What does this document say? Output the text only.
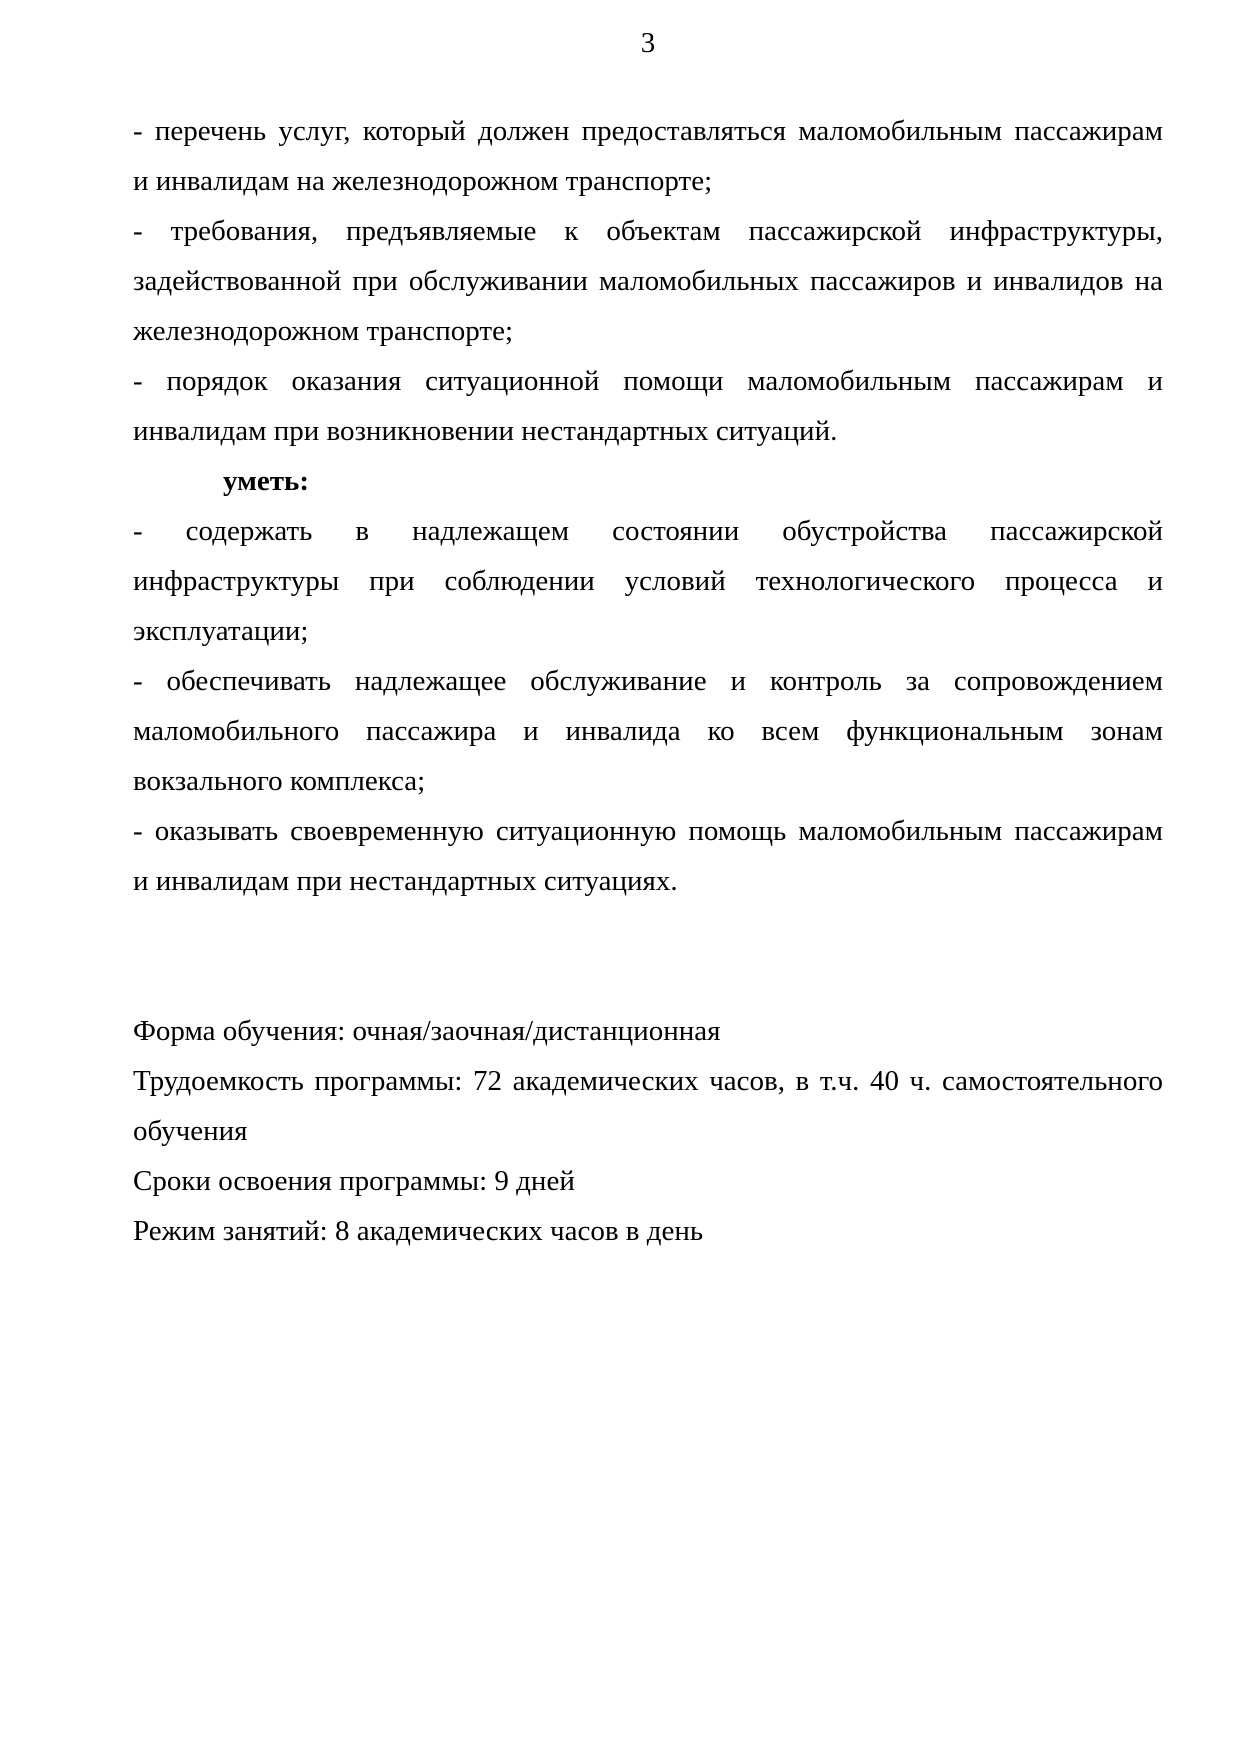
3

- перечень услуг, который должен предоставляться маломобильным пассажирам
и инвалидам на железнодорожном транспорте;

- требования, предъявляемые к объектам пассажирской инфраструктуры,
задействованной при обслуживании маломобильных пассажиров и инвалидов на
железнодорожном транспорте;

- порядок оказания ситуационной помощи маломобильным пассажирам и
инвалидам при возникновении нестандартных ситуаций.

уметь:

- содержать в надлежащем состоянии обустройства пассажирской
инфраструктуры при соблюдении условий технологического процесса и
эксплуатации;

- обеспечивать надлежащее обслуживание и контроль за сопровождением
маломобильного пассажира и инвалида ко всем функциональным зонам
вокзального комплекса;

- оказывать своевременную ситуационную помощь маломобильным пассажирам
и инвалидам при нестандартных ситуациях.

Форма обучения: очная/заочная/дистанционная

Трудоемкость программы: 72 академических часов, в т.ч. 40 ч. самостоятельного
обучения

Сроки освоения программы: 9 дней

Режим занятий: 8 академических часов в день
